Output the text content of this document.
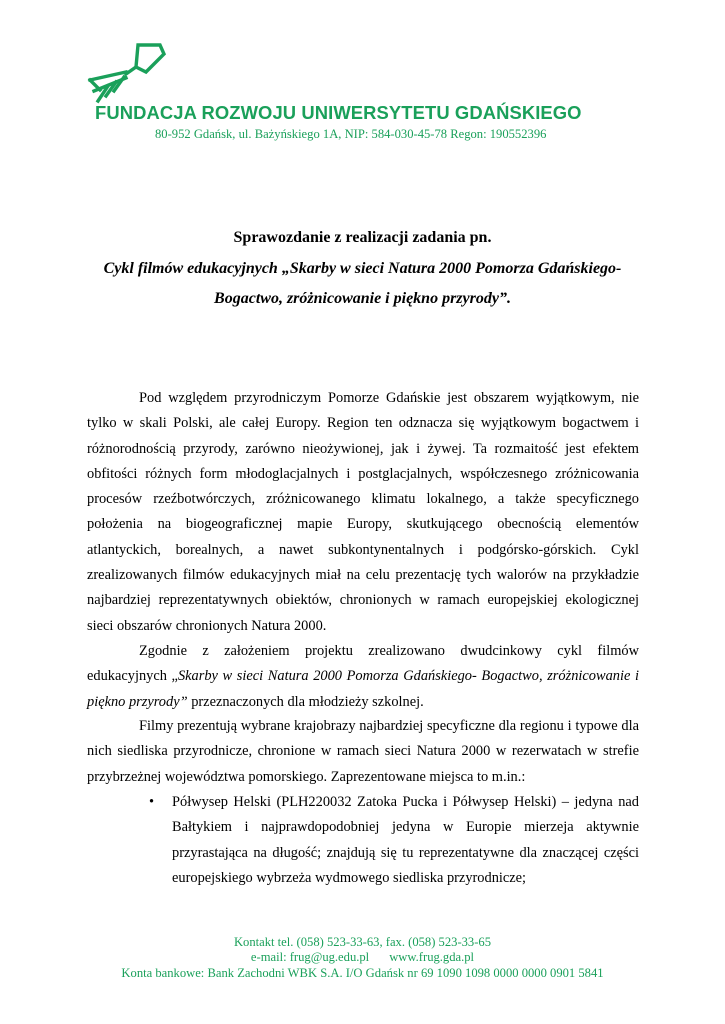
FUNDACJA ROZWOJU UNIWERSYTETU GDAŃSKIEGO
80-952 Gdańsk, ul. Bażyńskiego 1A, NIP: 584-030-45-78 Regon: 190552396
Sprawozdanie z realizacji zadania pn.
Cykl filmów edukacyjnych „Skarby w sieci Natura 2000 Pomorza Gdańskiego-
Bogactwo, zróżnicowanie i piękno przyrody”.

Pod względem przyrodniczym Pomorze Gdańskie jest obszarem wyjątkowym, nie tylko w skali Polski, ale całej Europy. Region ten odznacza się wyjątkowym bogactwem i różnorodnością przyrody, zarówno nieożywionej, jak i żywej. Ta rozmaitość jest efektem obfitości różnych form młodoglacjalnych i postglacjalnych, współczesnego zróżnicowania procesów rzeźbotwórczych, zróżnicowanego klimatu lokalnego, a także specyficznego położenia na biogeograficznej mapie Europy, skutkującego obecnością elementów atlantyckich, borealnych, a nawet subkontynentalnych i podgórsko-górskich. Cykl zrealizowanych filmów edukacyjnych miał na celu prezentację tych walorów na przykładzie najbardziej reprezentatywnych obiektów, chronionych w ramach europejskiej ekologicznej sieci obszarów chronionych Natura 2000.

Zgodnie z założeniem projektu zrealizowano dwudcinkowy cykl filmów edukacyjnych „Skarby w sieci Natura 2000 Pomorza Gdańskiego- Bogactwo, zróżnicowanie i piękno przyrody” przeznaczonych dla młodzieży szkolnej.

Filmy prezentują wybrane krajobrazy najbardziej specyficzne dla regionu i typowe dla nich siedliska przyrodnicze, chronione w ramach sieci Natura 2000 w rezerwatach w strefie przybrzeżnej województwa pomorskiego. Zaprezentowane miejsca to m.in.:

• Półwysep Helski (PLH220032 Zatoka Pucka i Półwysep Helski) – jedyna nad Bałtykiem i najprawdopodobniej jedyna w Europie mierzeja aktywnie przyrastająca na długość; znajdują się tu reprezentatywne dla znaczącej części europejskiego wybrzeża wydmowego siedliska przyrodnicze;
Kontakt tel. (058) 523-33-63, fax. (058) 523-33-65
e-mail: frug@ug.edu.pl www.frug.gda.pl
Konta bankowe: Bank Zachodni WBK S.A. I/O Gdańsk nr 69 1090 1098 0000 0000 0901 5841
